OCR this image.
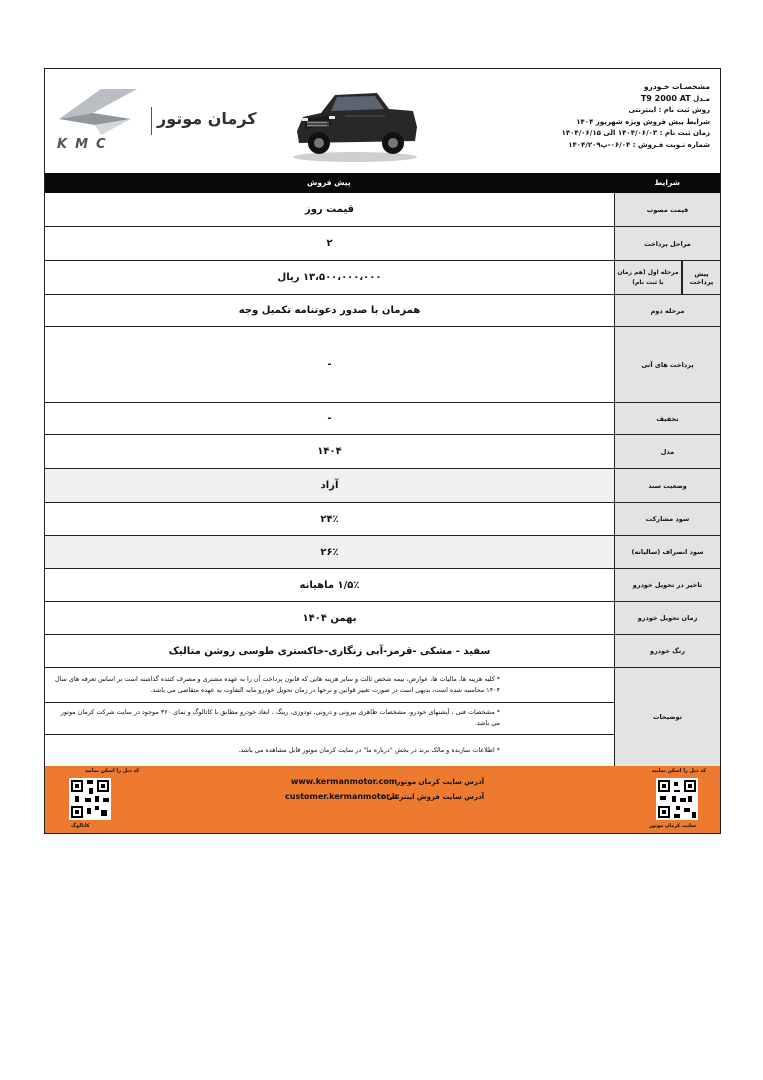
مشخصـات خـودرو
مـدل T9 2000 AT
روش ثبت نام : اینترنتی
شرایط پیش فروش ویژه شهریور ۱۴۰۴
زمان ثبت نام : ۱۴۰۴/۰۶/۰۳ الی ۱۴۰۴/۰۶/۱۵
شماره نـوبت فـروش : ۰۶/۰۴-پ۱۴۰۴/۲۰۹
KMC
کرمان موتور
شرایط
پیش فروش
قیمت مصوب
قیمت روز
مراحل پرداخت
۲
پیش پرداخت
مرحله اول (هم زمان با ثبت نام)
۱۳،۵۰۰،۰۰۰،۰۰۰ ریال
مرحله دوم
همزمان با صدور دعوتنامه تکمیل وجه
پرداخت های آتی
-
تخفیف
-
مدل
۱۴۰۴
وضعیت سند
آزاد
سود مشارکت
۲۴٪
سود انصراف (سالیانه)
۲۶٪
تاخیر در تحویل خودرو
۱/۵٪ ماهیانه
زمان تحویل خودرو
بهمن ۱۴۰۴
رنگ خودرو
سفید - مشکی -قرمز-آبی زنگاری-خاکستری طوسی روشن متالیک
توضیحات
* کلیه هزینه ها، مالیات ها، عوارض، بیمه شخص ثالث و سایر هزینه هایی که قانون پرداخت آن را به عهده مشتری و مصرف کننده گذاشته است بر اساس تعرفه های سال ۱۴۰۴ محاسبه شده است، بدیهی است در صورت تغییر قوانین و نرخها در زمان تحویل خودرو مابه التفاوت به عهده متقاضی می باشد.
* مشخصات فنی ، آپشنهای خودرو، مشخصات ظاهری بیرونی و درونی، تودوزی، رینگ ، ابعاد خودرو مطابق با کاتالوگ و نمای ۳۶۰ موجود در سایت شرکت کرمان موتور می باشد.
* اطلاعات سازنده و مالک برند در بخش "درباره ما" در سایت کرمان موتور قابل مشاهده می باشد.
کد ذیل را اسکن نمایید
کد ذیل را اسکن نمایید
سایت کرمان موتور
کاتالوگ
آدرس سایت کرمان موتور :
www.kermanmotor.com
آدرس سایت فروش اینترنتی :
customer.kermanmotor.ir
